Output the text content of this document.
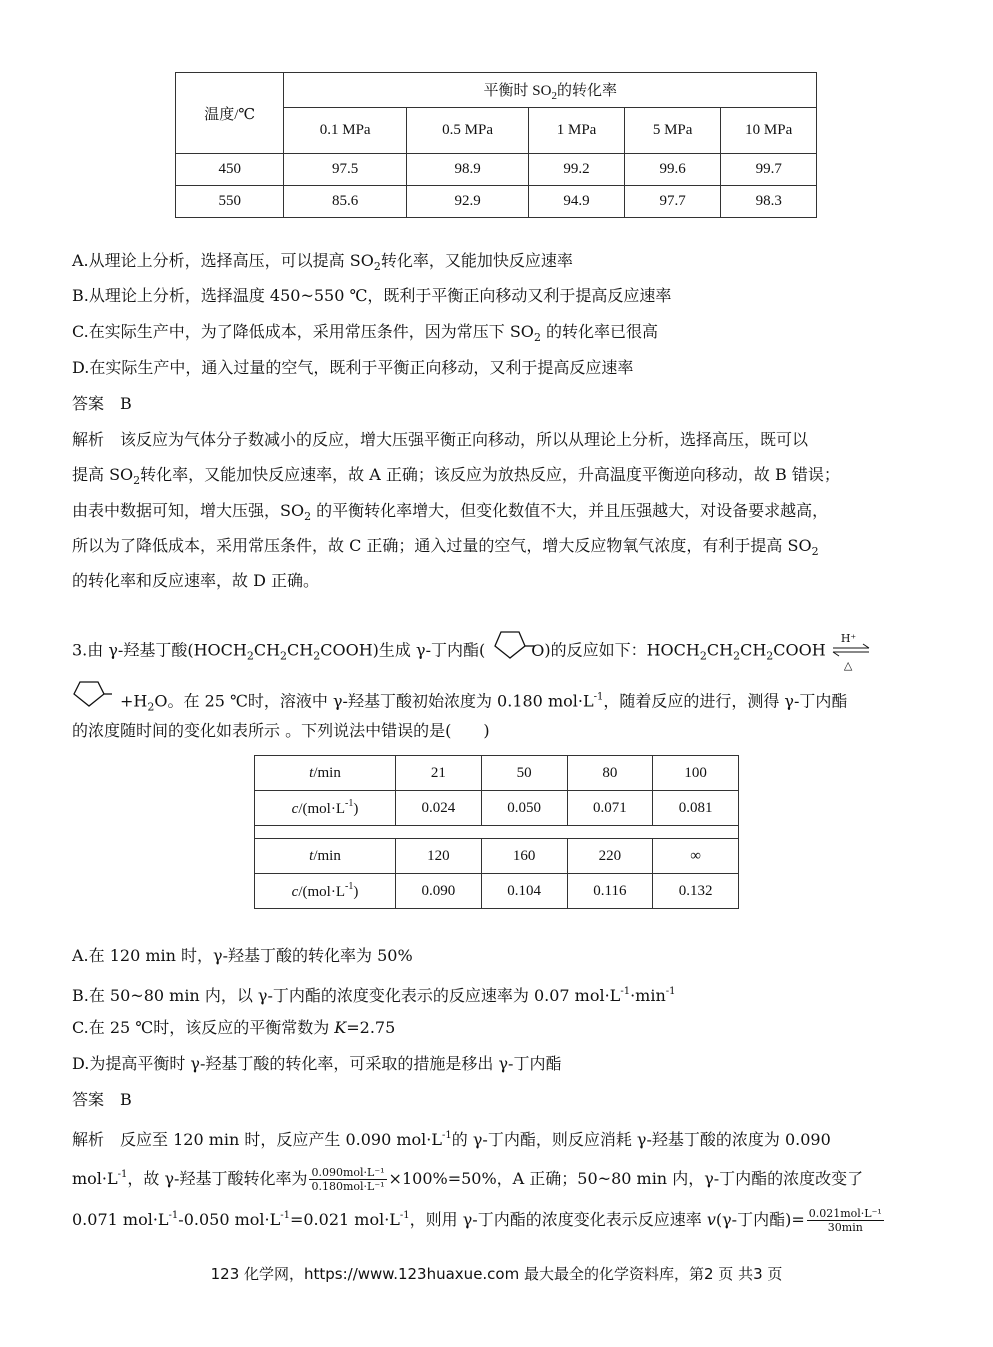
温度/℃	平衡时 $SO_2$的转化率				
	0.1 MPa	0.5 MPa	1 MPa	5 MPa	10 MPa
450	97.5	98.9	99.2	99.6	99.7
550	85.6	92.9	94.9	97.7	98.3
A.从理论上分析，选择高压，可以提高 $SO_2$转化率，又能加快反应速率
B.从理论上分析，选择温度 450~550 ℃，既利于平衡正向移动又利于提高反应速率
C.在实际生产中，为了降低成本，采用常压条件，因为常压下 $SO_2$ 的转化率已很高
D.在实际生产中，通入过量的空气，既利于平衡正向移动，又利于提高反应速率
答案　B
解析　该反应为气体分子数减小的反应，增大压强平衡正向移动，所以从理论上分析，选择高压，既可以
提高 $SO_2$转化率，又能加快反应速率，故 A 正确；该反应为放热反应，升高温度平衡逆向移动，故 B 错误；
由表中数据可知，增大压强，$SO_2$ 的平衡转化率增大，但变化数值不大，并且压强越大，对设备要求越高，
所以为了降低成本，采用常压条件，故 C 正确；通入过量的空气，增大反应物氧气浓度，有利于提高 $SO_2$
的转化率和反应速率，故 D 正确。
3.由 γ-羟基丁酸$(HOCH_2CH_2CH_2COOH)$生成 γ-丁内酯(	O)的反应如下：$HOCH_2CH_2CH_2COOH$
H⁺
△
$+H_2O$。在 25 ℃时，溶液中 γ-羟基丁酸初始浓度为 0.180 $mol\cdot L^{-1}$，随着反应的进行，测得 γ-丁内酯
的浓度随时间的变化如表所示 。下列说法中错误的是(　　)
t/min	21	50	80	100
$c/(mol\cdot L^{-1})$	0.024	0.050	0.071	0.081

t/min	120	160	220	∞
$c/(mol\cdot L^{-1})$	0.090	0.104	0.116	0.132
A.在 120 min 时，γ-羟基丁酸的转化率为 50%
B.在 50~80 min 内，以 γ-丁内酯的浓度变化表示的反应速率为 0.07 $mol\cdot L^{-1}\cdot\min^{-1}$
C.在 25 ℃时，该反应的平衡常数为 K=2.75
D.为提高平衡时 γ-羟基丁酸的转化率，可采取的措施是移出 γ-丁内酯
答案　B
解析　反应至 120 min 时，反应产生 0.090 $mol\cdot L^{-1}$的 γ-丁内酯，则反应消耗 γ-羟基丁酸的浓度为 0.090
$mol\cdot L^{-1}$，故 γ-羟基丁酸转化率为 $\frac{\text{0.090mol·L⁻¹}}{\text{0.180mol·L⁻¹}} \times 100\%=50\%$，A 正确；50~80 min 内，γ-丁内酯的浓度改变了
0.071 $mol\cdot L^{-1}-0.050$ $mol\cdot L^{-1}=0.021$ $mol\cdot L^{-1}$，则用 γ-丁内酯的浓度变化表示反应速率 v(γ-丁内酯)= $\frac{\text{0.021mol·L⁻¹}}{30\min}$
123 化学网，https://www.123huaxue.com 最大最全的化学资料库，第2 页 共3 页
